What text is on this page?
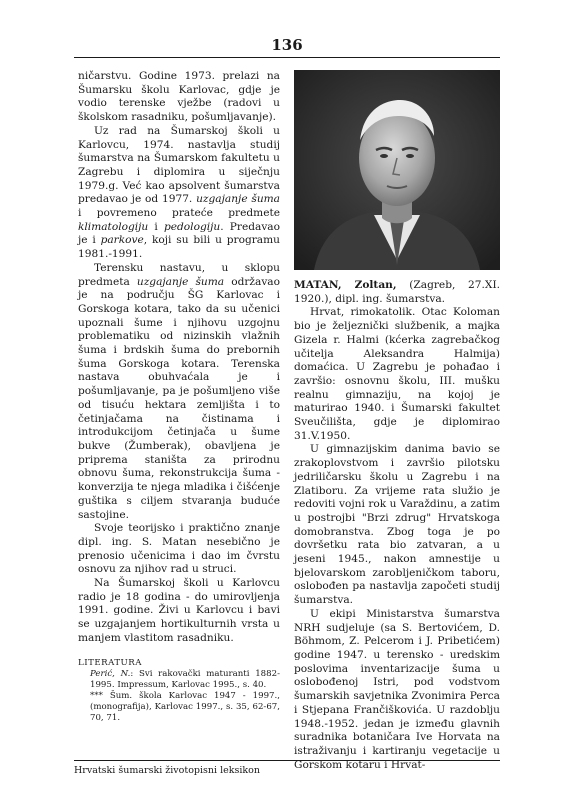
136

ničarstvu. Godine 1973. prelazi na Šumarsku školu Karlovac, gdje je vodio terenske vježbe (radovi u školskom rasadniku, pošumljavanje).

Uz rad na Šumarskoj školi u Karlovcu, 1974. nastavlja studij šumarstva na Šumarskom fakultetu u Zagrebu i diplomira u siječnju 1979.g. Već kao apsolvent šumarstva predavao je od 1977. uzgajanje šuma i povremeno prateće predmete klimatologiju i pedologiju. Predavao je i parkove, koji su bili u programu 1981.-1991.

Terensku nastavu, u sklopu predmeta uzgajanje šuma održavao je na području ŠG Karlovac i Gorskoga kotara, tako da su učenici upoznali šume i njihovu uzgojnu problematiku od nizinskih vlažnih šuma i brdskih šuma do prebornih šuma Gorskoga kotara. Terenska nastava obuhvaćala je i pošumljavanje, pa je pošumljeno više od tisuću hektara zemljišta i to četinjačama na čistinama i introdukcijom četinjača u šume bukve (Žumberak), obavljena je priprema staništa za prirodnu obnovu šuma, rekonstrukcija šuma - konverzija te njega mladika i čišćenje guštika s ciljem stvaranja buduće sastojine.

Svoje teorijsko i praktično znanje dipl. ing. S. Matan nesebično je prenosio učenicima i dao im čvrstu osnovu za njihov rad u struci.

Na Šumarskoj školi u Karlovcu radio je 18 godina - do umirovljenja 1991. godine. Živi u Karlovcu i bavi se uzgajanjem hortikulturnih vrsta u manjem vlastitom rasadniku.

LITERATURA
Perić, N.: Svi rakovački maturanti 1882-1995. Impressum, Karlovac 1995., s. 40.
*** Šum. škola Karlovac 1947 - 1997., (monografija), Karlovac 1997., s. 35, 62-67, 70, 71.

MATAN, Zoltan, (Zagreb, 27.XI. 1920.), dipl. ing. šumarstva.

Hrvat, rimokatolik. Otac Koloman bio je željeznički službenik, a majka Gizela r. Halmi (kćerka zagrebačkog učitelja Aleksandra Halmija) domaćica. U Zagrebu je pohađao i završio: osnovnu školu, III. mušku realnu gimnaziju, na kojoj je maturirao 1940. i Šumarski fakultet Sveučilišta, gdje je diplomirao 31.V.1950.

U gimnazijskim danima bavio se zrakoplovstvom i završio pilotsku jedriličarsku školu u Zagrebu i na Zlatiboru. Za vrijeme rata služio je redoviti vojni rok u Varaždinu, a zatim u postrojbi "Brzi zdrug" Hrvatskoga domobranstva. Zbog toga je po dovršetku rata bio zatvaran, a u jeseni 1945., nakon amnestije u bjelovarskom zarobljeničkom taboru, oslobođen pa nastavlja započeti studij šumarstva.

U ekipi Ministarstva šumarstva NRH sudjeluje (sa S. Bertovićem, D. Böhmom, Z. Pelcerom i J. Pribetićem) godine 1947. u terensko - uredskim poslovima inventarizacije šuma u oslobođenoj Istri, pod vodstvom šumarskih savjetnika Zvonimira Perca i Stjepana Frančiškovića. U razdoblju 1948.-1952. jedan je između glavnih suradnika botaničara Ive Horvata na istraživanju i kartiranju vegetacije u Gorskom kotaru i Hrvat-

Hrvatski šumarski životopisni leksikon
